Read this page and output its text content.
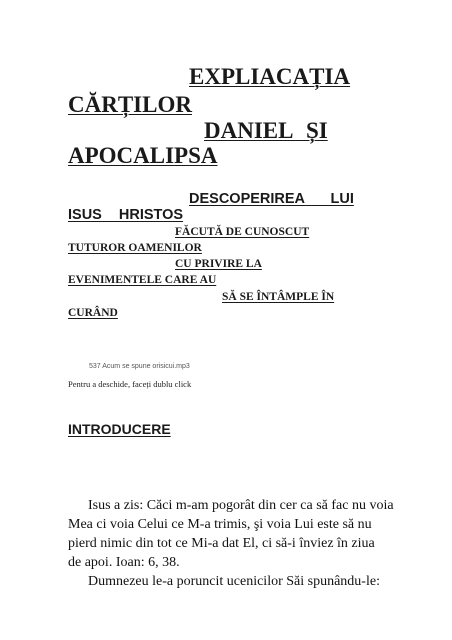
EXPLIACAȚIA
CĂRȚILOR
DANIEL ȘI
APOCALIPSA
DESCOPERIREA LUI
ISUS HRISTOS
FĂCUTĂ DE CUNOSCUT
TUTUROR OAMENILOR
CU PRIVIRE LA
EVENIMENTELE CARE AU
SĂ SE ÎNTÂMPLE ÎN
CURÂND
537 Acum se spune orisicui.mp3
Pentru a deschide, faceți dublu click
INTRODUCERE
Isus a zis: Căci m-am pogorât din cer ca să fac nu voia
Mea ci voia Celui ce M-a trimis, şi voia Lui este să nu
pierd nimic din tot ce Mi-a dat El, ci să-i înviez în ziua
de apoi. Ioan: 6, 38.
Dumnezeu le-a poruncit ucenicilor Săi spunându-le:
